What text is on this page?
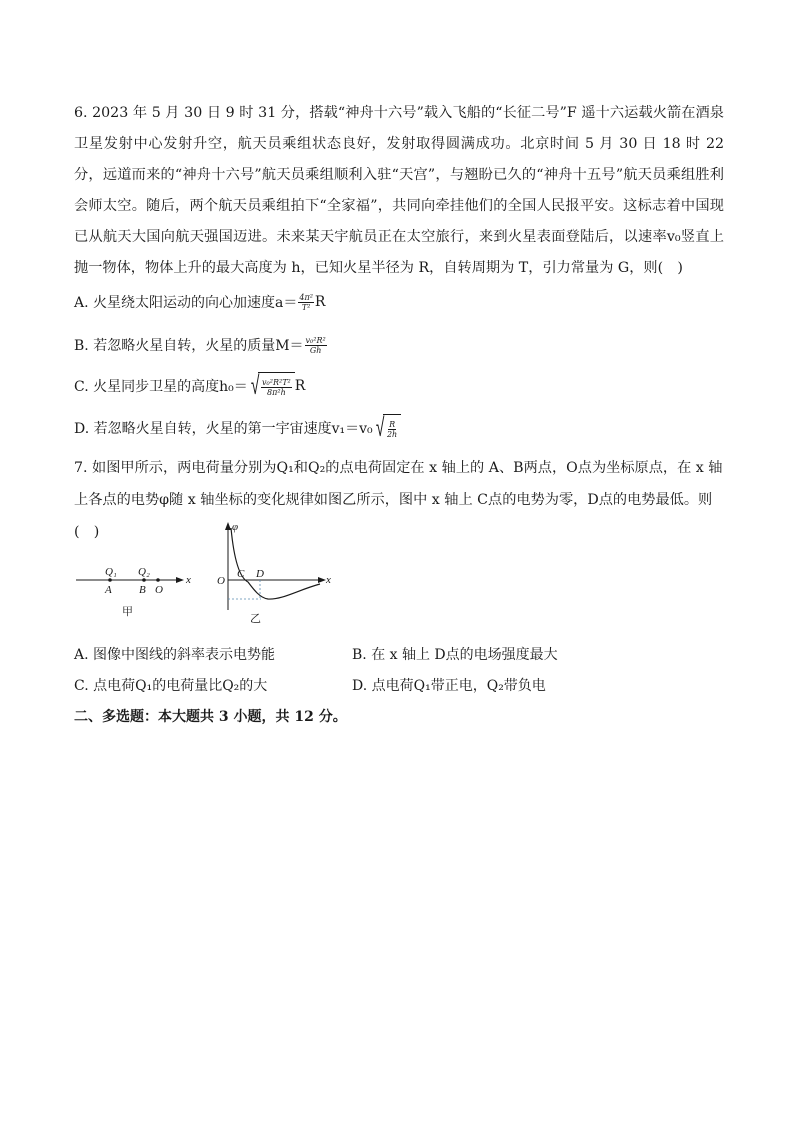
6. 2023 年 5 月 30 日 9 时 31 分，搭载“神舟十六号”载入飞船的“长征二号”F 遥十六运载火箭在酒泉卫星发射中心发射升空，航天员乘组状态良好，发射取得圆满成功。北京时间 5 月 30 日 18 时 22 分，远道而来的“神舟十六号”航天员乘组顺利入驻“天宫”，与翘盼已久的“神舟十五号”航天员乘组胜利会师太空。随后，两个航天员乘组拍下“全家福”，共同向牵挂他们的全国人民报平安。这标志着中国现已从航天大国向航天强国迈进。未来某天宇航员正在太空旅行，来到火星表面登陆后，以速率v₀竖直上抛一物体，物体上升的最大高度为 h，已知火星半径为 R，自转周期为 T，引力常量为 G，则(　)

A. 火星绕太阳运动的向心加速度$a= \frac{\text{4π²}}{\text{T²}}$ R
B. 若忽略火星自转，火星的质量$M= \frac{\text{v₀²R²}}{Gh}$
C. 火星同步卫星的高度h₀＝ √ $\frac{\text{v₀²R²T²}}{\text{8π²h}}$ R
D. 若忽略火星自转，火星的第一宇宙速度v₁＝v₀ √ $\frac{R}{2h}$

7. 如图甲所示，两电荷量分别为Q₁和Q₂的点电荷固定在 x 轴上的 A、B两点，O点为坐标原点，在 x 轴上各点的电势φ随 x 轴坐标的变化规律如图乙所示，图中 x 轴上 C点的电势为零，D点的电势最低。则(　)

Q₁ Q₂
A B O
x
甲
φ
O
C D	x
乙
A. 图像中图线的斜率表示电势能	B. 在 x 轴上 D点的电场强度最大
C. 点电荷Q₁的电荷量比Q₂的大	D. 点电荷Q₁带正电，Q₂带负电
二、多选题：本大题共 3 小题，共 12 分。
